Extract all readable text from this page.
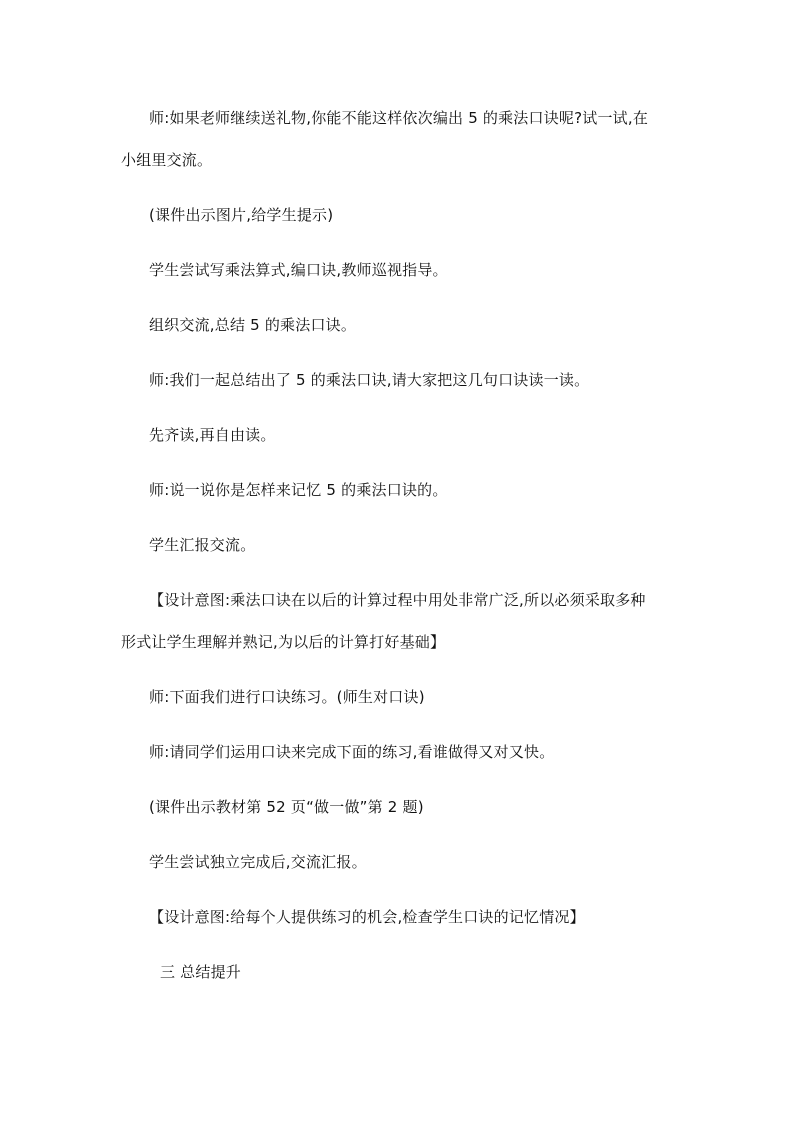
师:如果老师继续送礼物,你能不能这样依次编出 5 的乘法口诀呢?试一试,在
小组里交流。
(课件出示图片,给学生提示)
学生尝试写乘法算式,编口诀,教师巡视指导。
组织交流,总结 5 的乘法口诀。
师:我们一起总结出了 5 的乘法口诀,请大家把这几句口诀读一读。
先齐读,再自由读。
师:说一说你是怎样来记忆 5 的乘法口诀的。
学生汇报交流。
【设计意图:乘法口诀在以后的计算过程中用处非常广泛,所以必须采取多种
形式让学生理解并熟记,为以后的计算打好基础】
师:下面我们进行口诀练习。(师生对口诀)
师:请同学们运用口诀来完成下面的练习,看谁做得又对又快。
(课件出示教材第 52 页“做一做”第 2 题)
学生尝试独立完成后,交流汇报。
【设计意图:给每个人提供练习的机会,检查学生口诀的记忆情况】
三 总结提升
